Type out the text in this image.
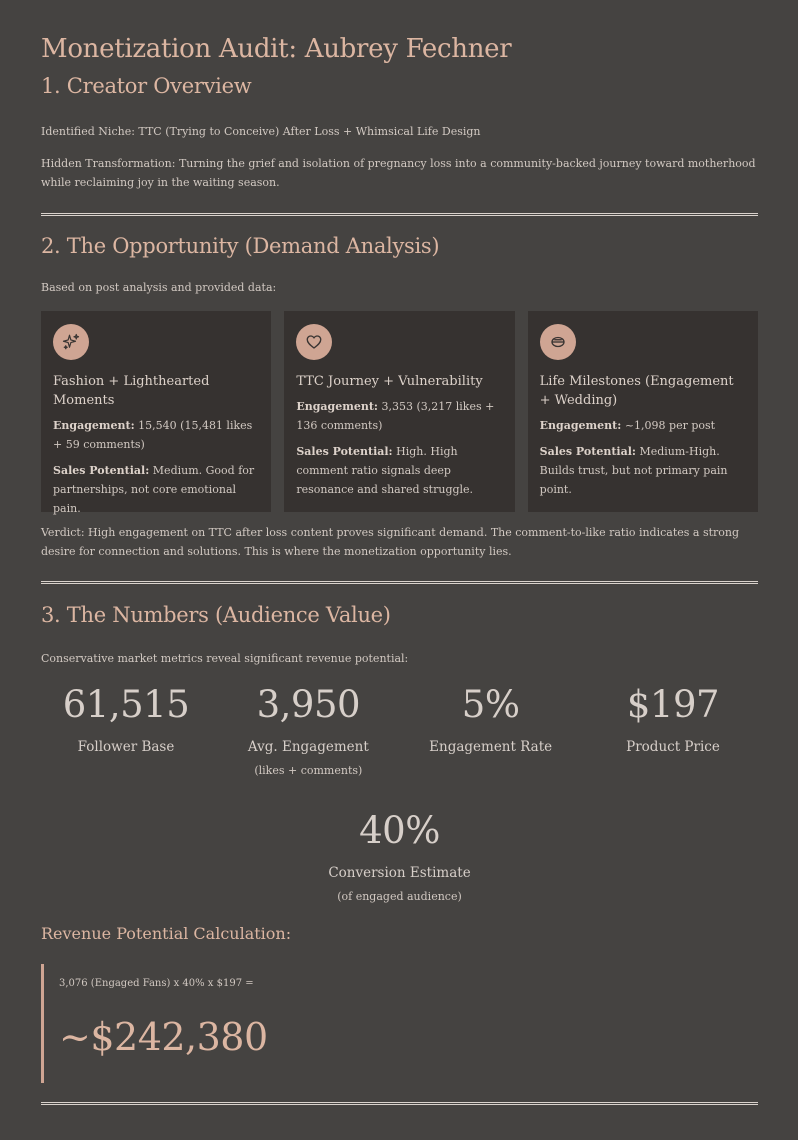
Monetization Audit: Aubrey Fechner
1. Creator Overview

Identified Niche: TTC (Trying to Conceive) After Loss + Whimsical Life Design

Hidden Transformation: Turning the grief and isolation of pregnancy loss into a community-backed journey toward motherhood while reclaiming joy in the waiting season.

2. The Opportunity (Demand Analysis)

Based on post analysis and provided data:

Fashion + Lighthearted Moments

Engagement: 15,540 (15,481 likes + 59 comments)

Sales Potential: Medium. Good for partnerships, not core emotional pain.

TTC Journey + Vulnerability

Engagement: 3,353 (3,217 likes + 136 comments)

Sales Potential: High. High comment ratio signals deep resonance and shared struggle.

Life Milestones (Engagement + Wedding)

Engagement: ~1,098 per post

Sales Potential: Medium-High. Builds trust, but not primary pain point.

Verdict: High engagement on TTC after loss content proves significant demand. The comment-to-like ratio indicates a strong desire for connection and solutions. This is where the monetization opportunity lies.

3. The Numbers (Audience Value)

Conservative market metrics reveal significant revenue potential:

61,515
Follower Base
3,950
Avg. Engagement
(likes + comments)
5%
Engagement Rate
$197
Product Price
40%
Conversion Estimate
(of engaged audience)
Revenue Potential Calculation:
3,076 (Engaged Fans) x 40% x $197 =
~$242,380
